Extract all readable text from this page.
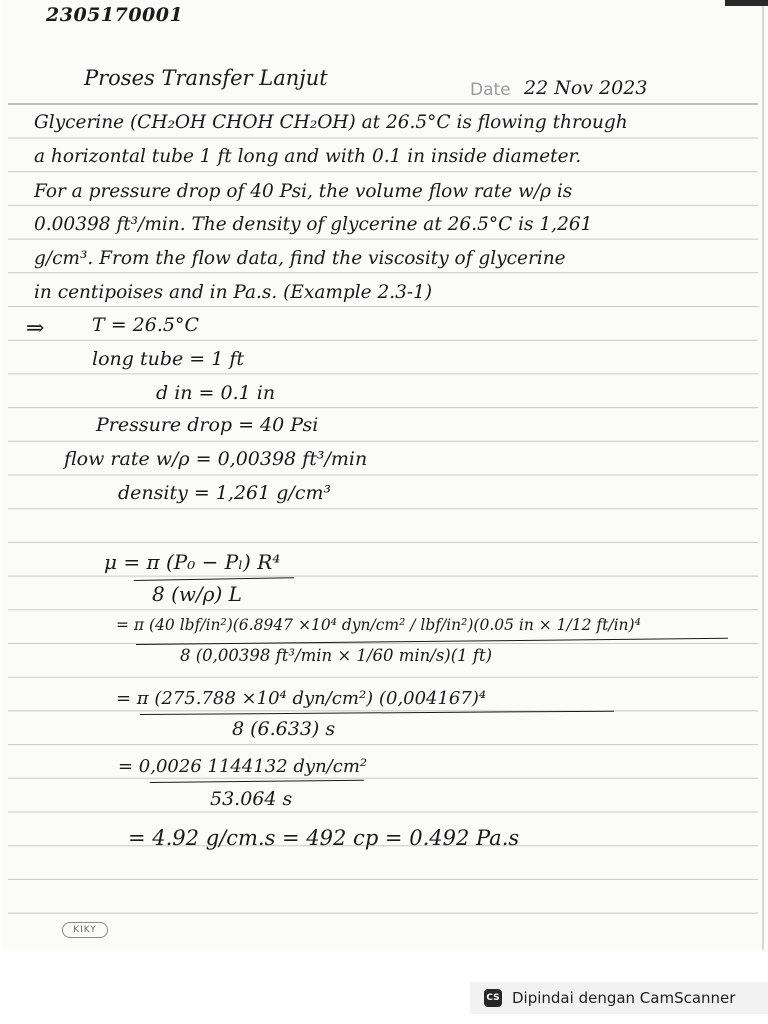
2305170001
Proses Transfer Lanjut	Date 22 Nov 2023
Glycerine (CH₂OH CHOH CH₂OH) at 26.5°C is flowing through
a horizontal tube 1 ft long and with 0.1 in inside diameter.
For a pressure drop of 40 Psi, the volume flow rate w/ρ is
0.00398 ft³/min. The density of glycerine at 26.5°C is 1,261
g/cm³. From the flow data, find the viscosity of glycerine
in centipoises and in Pa.s. (Example 2.3-1)
⇒	T = 26.5°C
long tube = 1 ft
d in = 0.1 in
Pressure drop = 40 Psi
flow rate w/ρ = 0,00398 ft³/min
density = 1,261 g/cm³
μ = π (P₀ − Pₗ) R⁴
8 (w/ρ) L
= π (40 lbf/in²)(6.8947 ×10⁴ dyn/cm² / lbf/in²)(0.05 in × 1/12 ft/in)⁴
8 (0,00398 ft³/min × 1/60 min/s)(1 ft)
= π (275.788 ×10⁴ dyn/cm²) (0,004167)⁴
8 (6.633) s
= 0,0026 1144132 dyn/cm²
53.064 s
= 4.92 g/cm.s = 492 cp = 0.492 Pa.s
KIKY
CS Dipindai dengan CamScanner
